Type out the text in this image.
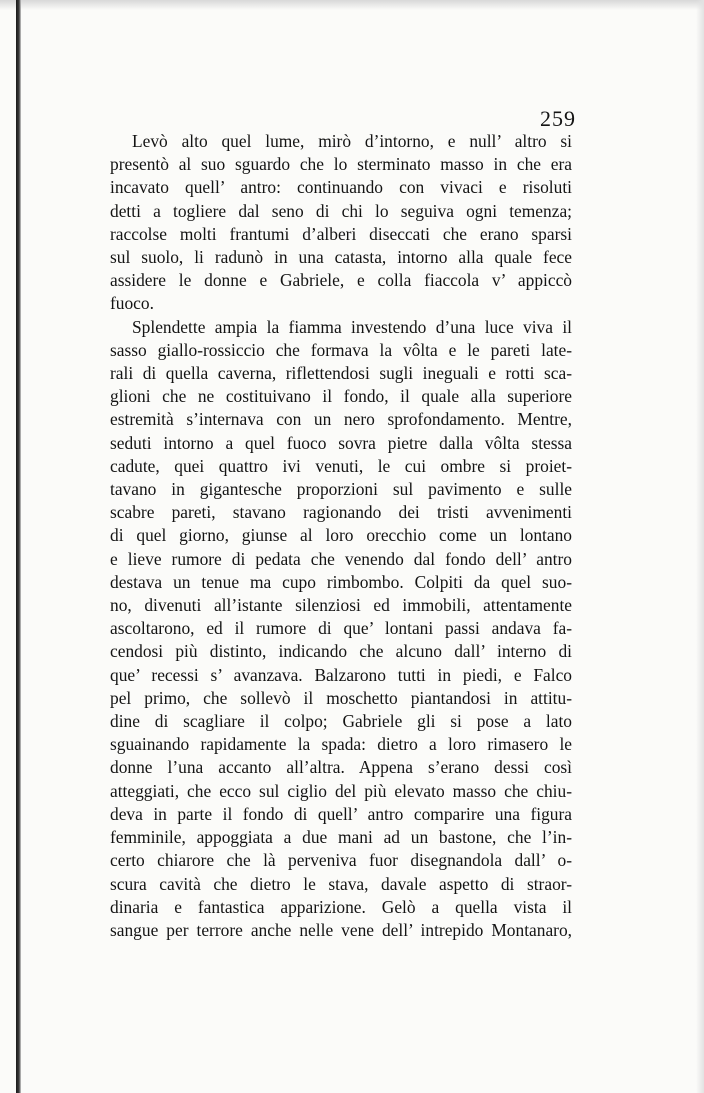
259
Levò alto quel lume, mirò d’intorno, e null’ altro si
presentò al suo sguardo che lo sterminato masso in che era
incavato quell’ antro: continuando con vivaci e risoluti
detti a togliere dal seno di chi lo seguiva ogni temenza;
raccolse molti frantumi d’alberi diseccati che erano sparsi
sul suolo, li radunò in una catasta, intorno alla quale fece
assidere le donne e Gabriele, e colla fiaccola v’ appiccò
fuoco.
Splendette ampia la fiamma investendo d’una luce viva il
sasso giallo-rossiccio che formava la vôlta e le pareti late-
rali di quella caverna, riflettendosi sugli ineguali e rotti sca-
glioni che ne costituivano il fondo, il quale alla superiore
estremità s’internava con un nero sprofondamento. Mentre,
seduti intorno a quel fuoco sovra pietre dalla vôlta stessa
cadute, quei quattro ivi venuti, le cui ombre si proiet-
tavano in gigantesche proporzioni sul pavimento e sulle
scabre pareti, stavano ragionando dei tristi avvenimenti
di quel giorno, giunse al loro orecchio come un lontano
e lieve rumore di pedata che venendo dal fondo dell’ antro
destava un tenue ma cupo rimbombo. Colpiti da quel suo-
no, divenuti all’istante silenziosi ed immobili, attentamente
ascoltarono, ed il rumore di que’ lontani passi andava fa-
cendosi più distinto, indicando che alcuno dall’ interno di
que’ recessi s’ avanzava. Balzarono tutti in piedi, e Falco
pel primo, che sollevò il moschetto piantandosi in attitu-
dine di scagliare il colpo; Gabriele gli si pose a lato
sguainando rapidamente la spada: dietro a loro rimasero le
donne l’una accanto all’altra. Appena s’erano dessi così
atteggiati, che ecco sul ciglio del più elevato masso che chiu-
deva in parte il fondo di quell’ antro comparire una figura
femminile, appoggiata a due mani ad un bastone, che l’in-
certo chiarore che là perveniva fuor disegnandola dall’ o-
scura cavità che dietro le stava, davale aspetto di straor-
dinaria e fantastica apparizione. Gelò a quella vista il
sangue per terrore anche nelle vene dell’ intrepido Montanaro,
